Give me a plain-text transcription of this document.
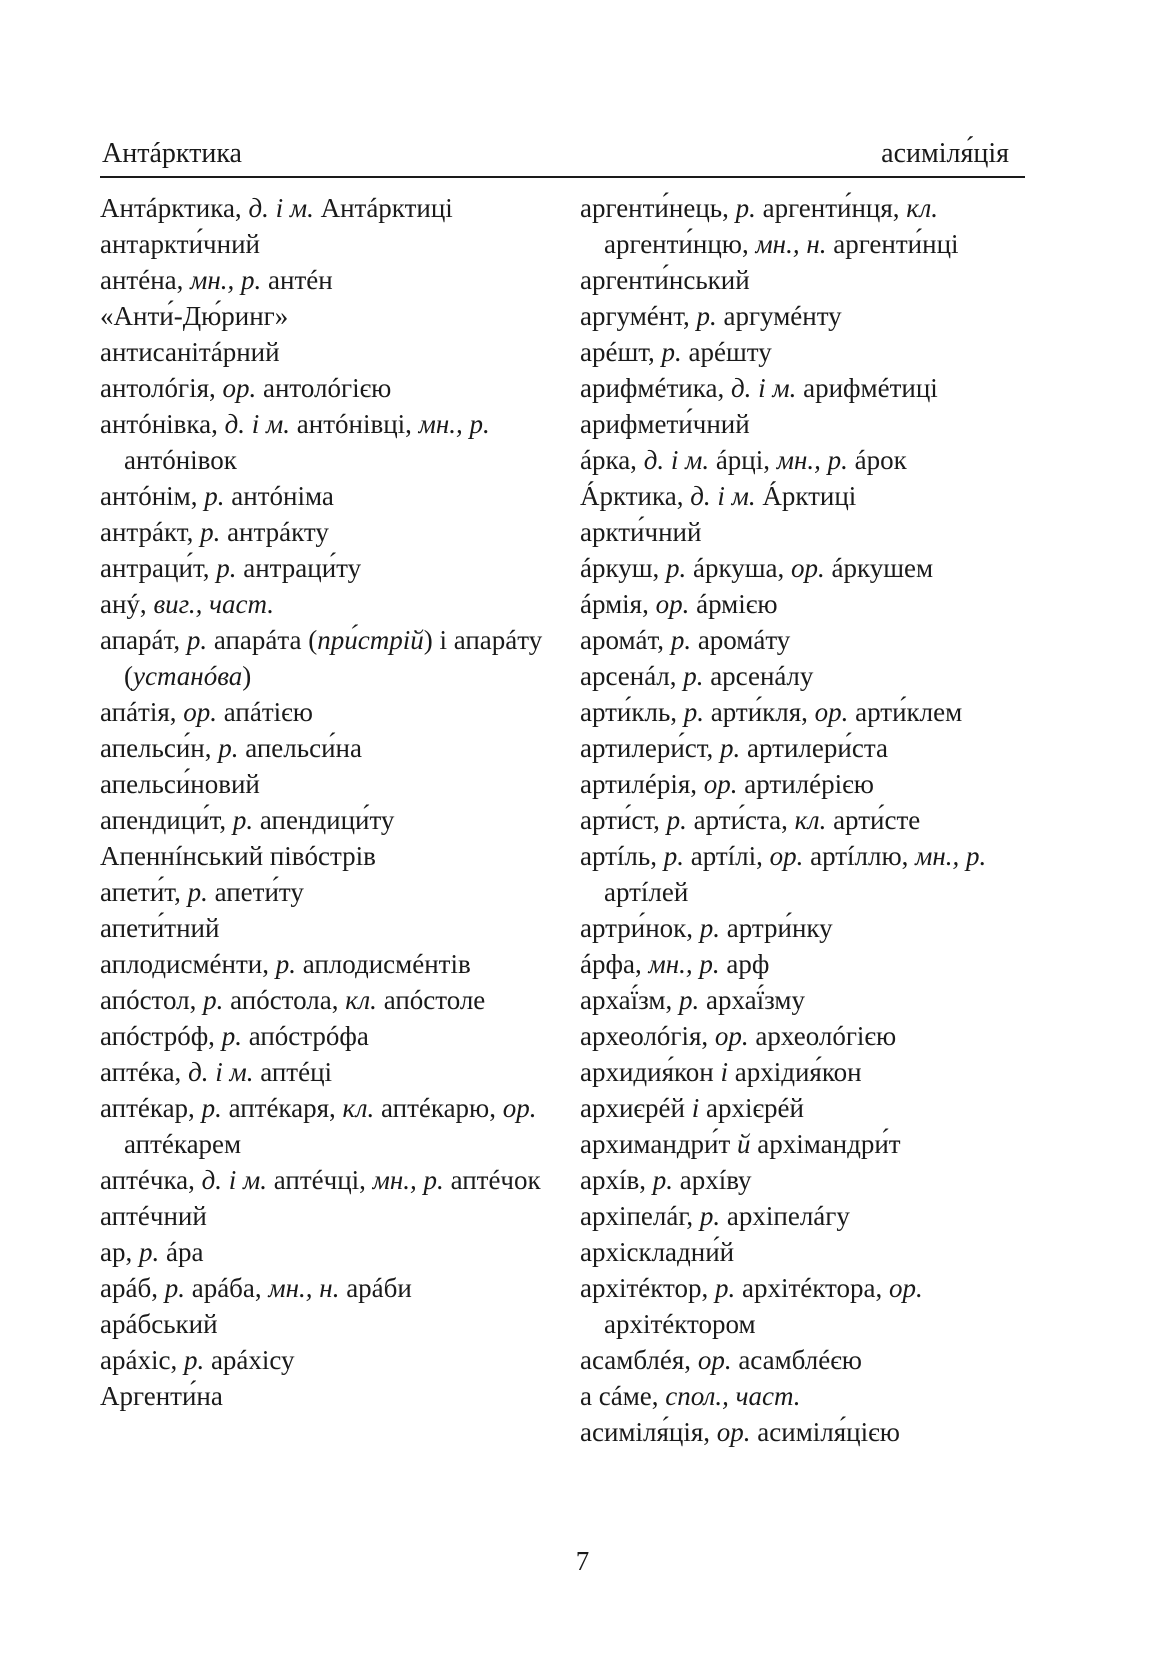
Антáрктика	асиміля́ція
Антáрктика, д. і м. Антáрктиці
антаркти́чний
антéна, мн., р. антéн
«Анти́-Дю́ринг»
антисанітáрний
антолóгія, ор. антолóгією
антóнівка, д. і м. антóнівці, мн., р. антóнівок
антóнім, р. антóніма
антрáкт, р. антрáкту
антраци́т, р. антраци́ту
анý, виг., част.
апарáт, р. апарáта (при́стрій) і апарáту (устанóва)
апáтія, ор. апáтією
апельси́н, р. апельси́на
апельси́новий
апендици́т, р. апендици́ту
Апеннíнський півóстрів
апети́т, р. апети́ту
апети́тний
аплодисмéнти, р. аплодисмéнтів
апóстол, р. апóстола, кл. апóстоле
апóстрóф, р. апóстрóфа
аптéка, д. і м. аптéці
аптéкар, р. аптéкаря, кл. аптéкарю, ор. аптéкарем
аптéчка, д. і м. аптéчці, мн., р. аптéчок
аптéчний
ар, р. áра
арáб, р. арáба, мн., н. арáби
арáбський
арáхіс, р. арáхісу
Аргенти́на
аргенти́нець, р. аргенти́нця, кл. аргенти́нцю, мн., н. аргенти́нці
аргенти́нський
аргумéнт, р. аргумéнту
арéшт, р. арéшту
арифмéтика, д. і м. арифмéтиці
арифмети́чний
áрка, д. і м. áрці, мн., р. áрок
Áрктика, д. і м. Áрктиці
аркти́чний
áркуш, р. áркуша, ор. áркушем
áрмія, ор. áрмією
аромáт, р. аромáту
арсенáл, р. арсенáлу
арти́кль, р. арти́кля, ор. арти́клем
артилери́ст, р. артилери́ста
артилéрія, ор. артилéрією
арти́ст, р. арти́ста, кл. арти́сте
артíль, р. артíлі, ор. артíллю, мн., р. артíлей
артри́нок, р. артри́нку
áрфа, мн., р. арф
архаї́зм, р. архаї́зму
археолóгія, ор. археолóгією
архидия́кон і архідия́кон
архиєрéй і архієрéй
архимандри́т й архімандри́т
архíв, р. архíву
архіпелáг, р. архіпелáгу
архіскладни́й
архітéктор, р. архітéктора, ор. архітéктором
асамблéя, ор. асамблéєю
а сáме, спол., част.
асиміля́ція, ор. асиміля́цією
7
